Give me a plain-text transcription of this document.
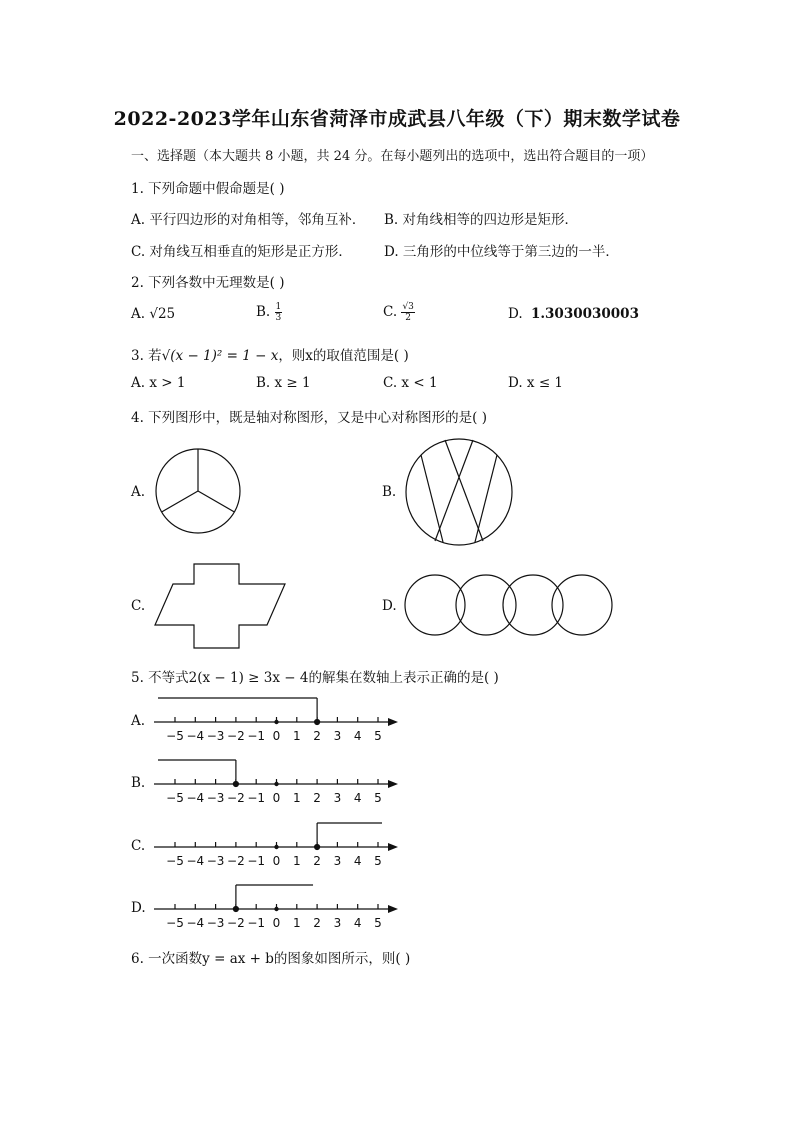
2022-2023学年山东省菏泽市成武县八年级（下）期末数学试卷
一、选择题（本大题共 8 小题，共 24 分。在每小题列出的选项中，选出符合题目的一项）
1. 下列命题中假命题是( )
A. 平行四边形的对角相等，邻角互补． B. 对角线相等的四边形是矩形．
C. 对角线互相垂直的矩形是正方形． D. 三角形的中位线等于第三边的一半．
2. 下列各数中无理数是( )
A. √25	B. $\frac{1}{3}$	C. $\frac{√3}{2}$	D. 1.3030030003
3. 若√(x − 1)² = 1 − x，则x的取值范围是( )
A. x > 1	B. x ≥ 1	C. x < 1	D. x ≤ 1
4. 下列图形中，既是轴对称图形，又是中心对称图形的是( )
A.	B.
C.	D.
5. 不等式2(x − 1) ≥ 3x − 4的解集在数轴上表示正确的是( )
A.
−5 −4 −3 −2 −1 0 1 2 3 4 5
B.
−5 −4 −3 −2 −1 0 1 2 3 4 5
C.
−5 −4 −3 −2 −1 0 1 2 3 4 5
D.
−5 −4 −3 −2 −1 0 1 2 3 4 5
6. 一次函数y = ax + b的图象如图所示，则( )
